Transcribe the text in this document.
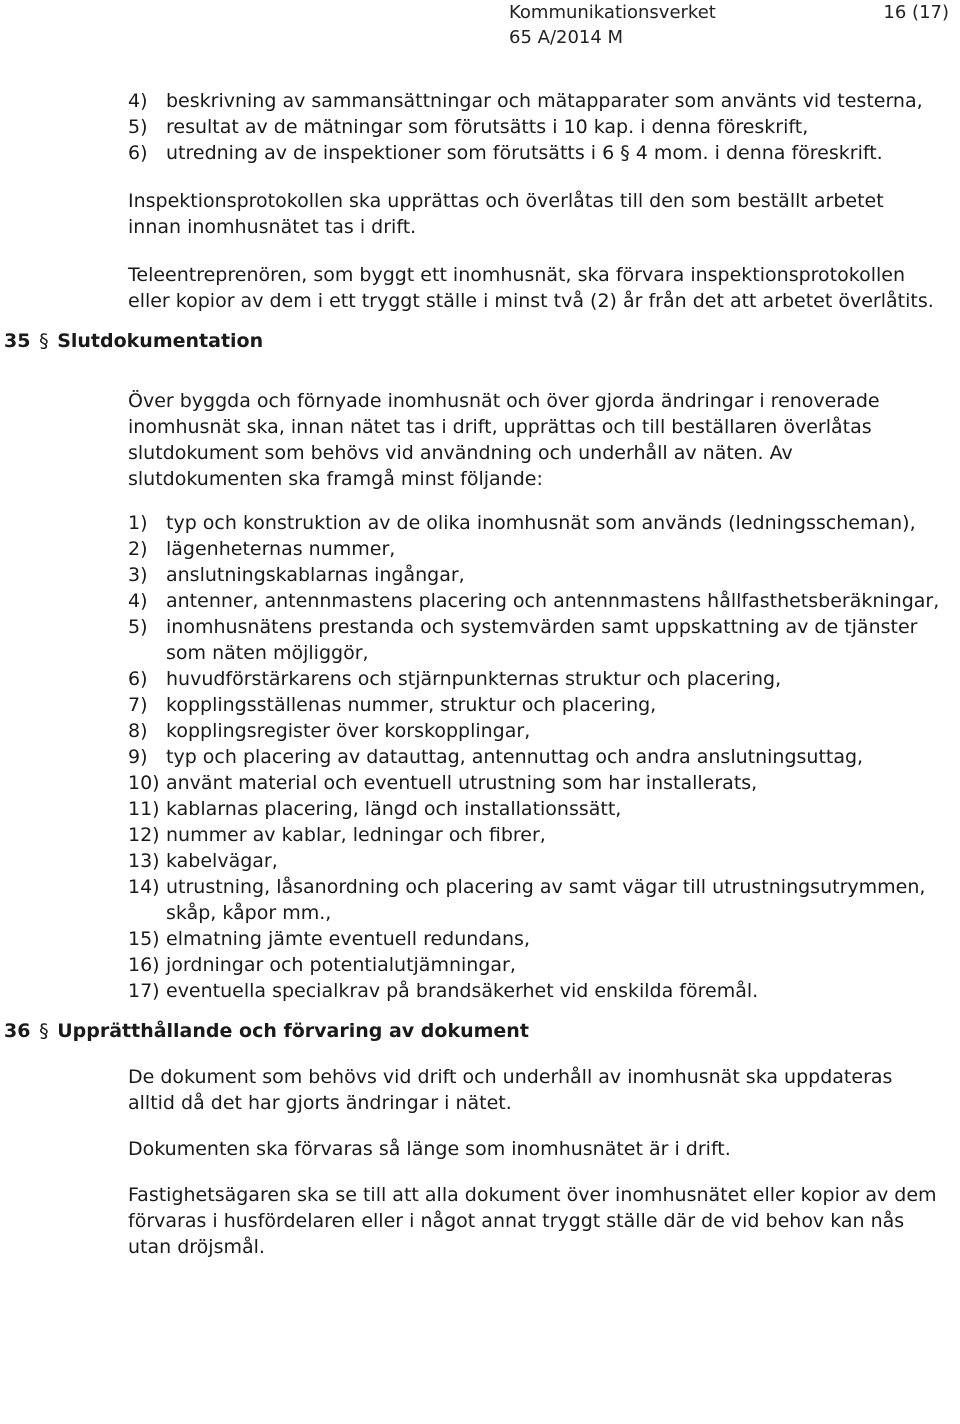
Kommunikationsverket	16 (17)
65 A/2014 M
4) beskrivning av sammansättningar och mätapparater som använts vid testerna,
5) resultat av de mätningar som förutsätts i 10 kap. i denna föreskrift,
6) utredning av de inspektioner som förutsätts i 6 § 4 mom. i denna föreskrift.
Inspektionsprotokollen ska upprättas och överlåtas till den som beställt arbetet innan inomhusnätet tas i drift.
Teleentreprenören, som byggt ett inomhusnät, ska förvara inspektionsprotokollen eller kopior av dem i ett tryggt ställe i minst två (2) år från det att arbetet överlåtits.
35 § Slutdokumentation
Över byggda och förnyade inomhusnät och över gjorda ändringar i renoverade inomhusnät ska, innan nätet tas i drift, upprättas och till beställaren överlåtas slutdokument som behövs vid användning och underhåll av näten. Av slutdokumenten ska framgå minst följande:
1) typ och konstruktion av de olika inomhusnät som används (ledningsscheman),
2) lägenheternas nummer,
3) anslutningskablarnas ingångar,
4) antenner, antennmastens placering och antennmastens hållfasthetsberäkningar,
5) inomhusnätens prestanda och systemvärden samt uppskattning av de tjänster som näten möjliggör,
6) huvudförstärkarens och stjärnpunkternas struktur och placering,
7) kopplingsställenas nummer, struktur och placering,
8) kopplingsregister över korskopplingar,
9) typ och placering av datauttag, antennuttag och andra anslutningsuttag,
10) använt material och eventuell utrustning som har installerats,
11) kablarnas placering, längd och installationssätt,
12) nummer av kablar, ledningar och fibrer,
13) kabelvägar,
14) utrustning, låsanordning och placering av samt vägar till utrustningsutrymmen, skåp, kåpor mm.,
15) elmatning jämte eventuell redundans,
16) jordningar och potentialutjämningar,
17) eventuella specialkrav på brandsäkerhet vid enskilda föremål.
36 § Upprätthållande och förvaring av dokument
De dokument som behövs vid drift och underhåll av inomhusnät ska uppdateras alltid då det har gjorts ändringar i nätet.
Dokumenten ska förvaras så länge som inomhusnätet är i drift.
Fastighetsägaren ska se till att alla dokument över inomhusnätet eller kopior av dem förvaras i husfördelaren eller i något annat tryggt ställe där de vid behov kan nås utan dröjsmål.
